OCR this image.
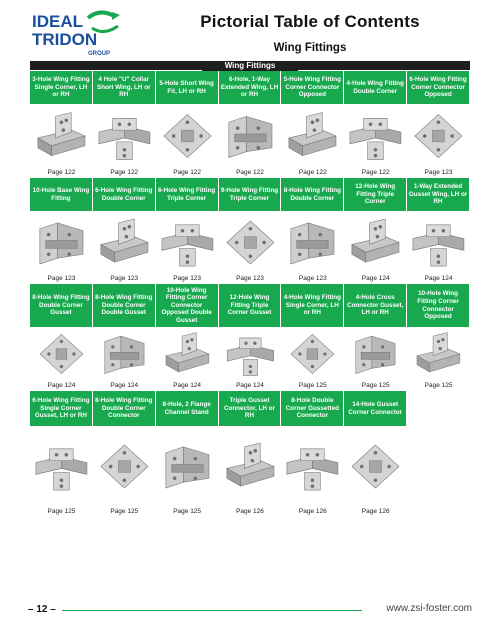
IDEAL
TRIDON
GROUP
Pictorial Table of Contents
Wing Fittings
Wing Fittings
3-Hole Wing Fitting Single Corner, LH or RH
Page 122
4 Hole "U" Collar Short Wing, LH or RH
Page 122
5-Hole Short Wing Fit, LH or RH
Page 122
6-Hole, 1-Way Extended Wing, LH or RH
Page 122
5-Hole Wing Fitting Corner Connector Opposed
Page 122
4-Hole Wing Fitting Double Corner
Page 122
6-Hole Wing Fitting Corner Connector Opposed
Page 123
10-Hole Base Wing Fitting
Page 123
6-Hole Wing Fitting Double Corner
Page 123
6-Hole Wing Fitting Triple Corner
Page 123
9-Hole Wing Fitting Triple Corner
Page 123
8-Hole Wing Fitting Double Corner
Page 123
12-Hole Wing Fitting Triple Corner
Page 124
1-Way Extended Gusset Wing, LH or RH
Page 124
8-Hole Wing Fitting Double Corner Gusset
Page 124
8-Hole Wing Fitting Double Corner Double Gusset
Page 124
10-Hole Wing Fitting Corner Connector Opposed Double Gusset
Page 124
12-Hole Wing Fitting Triple Corner Gusset
Page 124
4-Hole Wing Fitting Single Corner, LH or RH
Page 125
4-Hole Cross Connector Gusset, LH or RH
Page 125
10-Hole Wing Fitting Corner Connector Opposed
Page 125
6-Hole Wing Fitting Single Corner Gusset, LH or RH
Page 125
8-Hole Wing Fitting Double Corner Connector
Page 125
8-Hole, 2 Flange Channel Stand
Page 125
Triple Gusset Connector, LH or RH
Page 126
8-Hole Double Corner Gussetted Connector
Page 126
14-Hole Gusset Corner Connector
Page 126
– 12 –	www.zsi-foster.com
